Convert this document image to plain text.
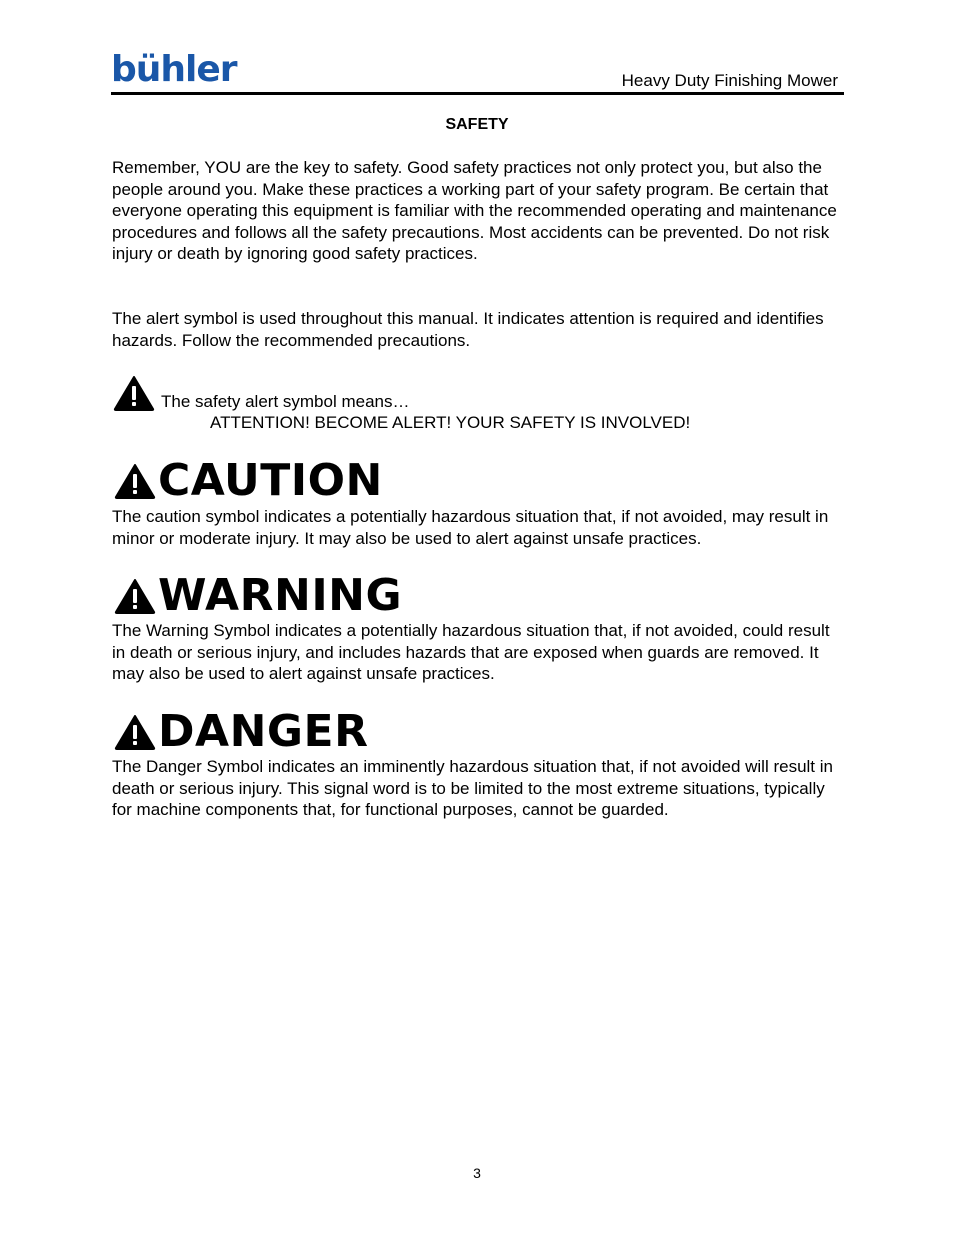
bühler	Heavy Duty Finishing Mower
SAFETY

Remember, YOU are the key to safety. Good safety practices not only protect you, but also the people around you. Make these practices a working part of your safety program. Be certain that everyone operating this equipment is familiar with the recommended operating and maintenance procedures and follows all the safety precautions. Most accidents can be prevented. Do not risk injury or death by ignoring good safety practices.

The alert symbol is used throughout this manual. It indicates attention is required and identifies hazards. Follow the recommended precautions.

The safety alert symbol means…
ATTENTION! BECOME ALERT! YOUR SAFETY IS INVOLVED!
CAUTION

The caution symbol indicates a potentially hazardous situation that, if not avoided, may result in minor or moderate injury. It may also be used to alert against unsafe practices.

WARNING

The Warning Symbol indicates a potentially hazardous situation that, if not avoided, could result in death or serious injury, and includes hazards that are exposed when guards are removed. It may also be used to alert against unsafe practices.

DANGER

The Danger Symbol indicates an imminently hazardous situation that, if not avoided will result in death or serious injury. This signal word is to be limited to the most extreme situations, typically for machine components that, for functional purposes, cannot be guarded.

3
